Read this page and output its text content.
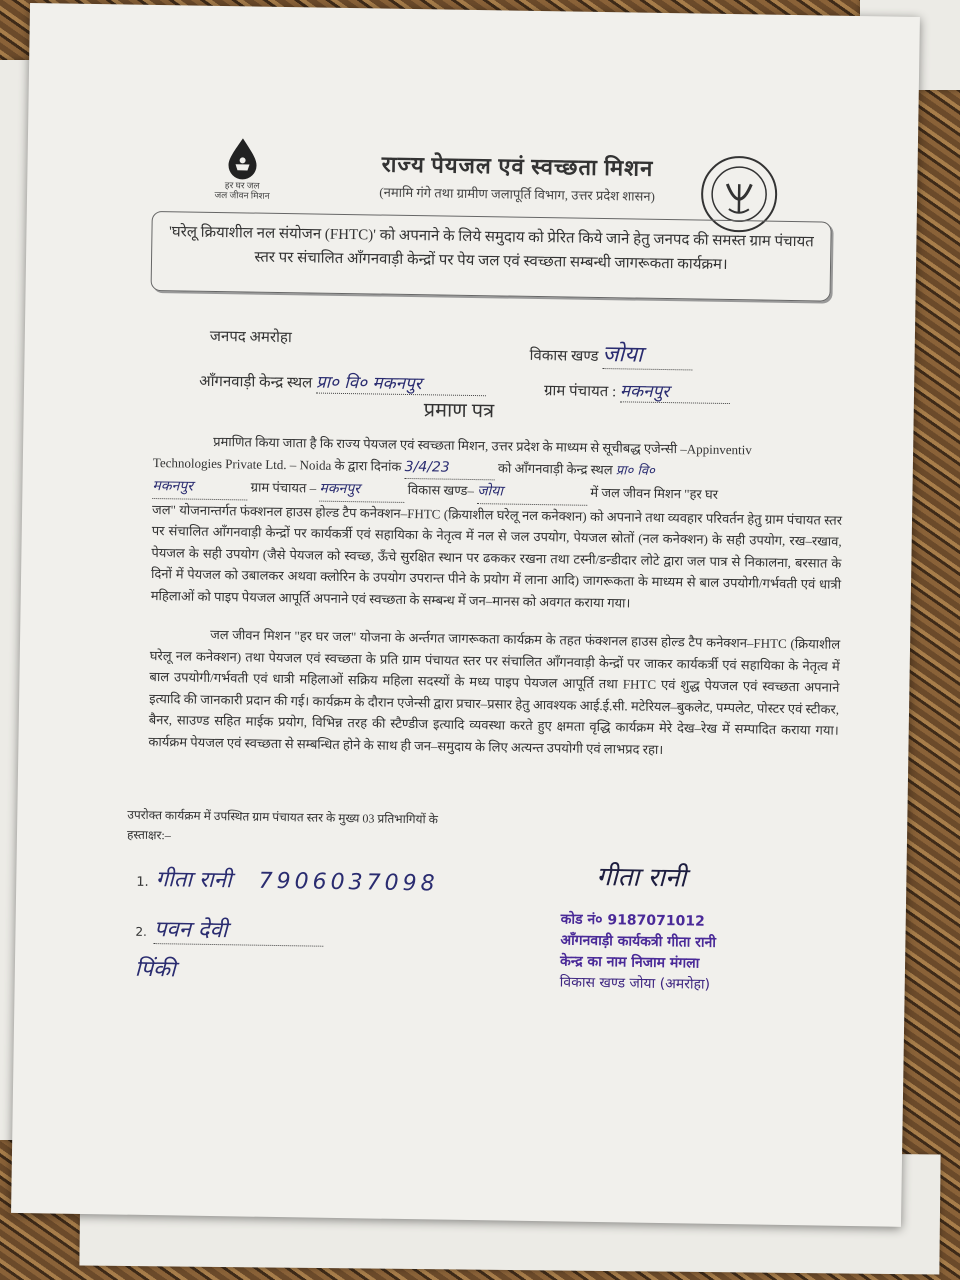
हर घर जल
जल जीवन मिशन
राज्य पेयजल एवं स्वच्छता मिशन
(नमामि गंगे तथा ग्रामीण जलापूर्ति विभाग, उत्तर प्रदेश शासन)
'घरेलू क्रियाशील नल संयोजन (FHTC)' को अपनाने के लिये समुदाय को प्रेरित किये जाने हेतु जनपद की समस्त ग्राम पंचायत स्तर पर संचालित आँगनवाड़ी केन्द्रों पर पेय जल एवं स्वच्छता सम्बन्धी जागरूकता कार्यक्रम।
जनपद अमरोहा
विकास खण्ड जोया
आँगनवाड़ी केन्द्र स्थल प्रा० वि० मकनपुर	ग्राम पंचायत : मकनपुर
प्रमाण पत्र
प्रमाणित किया जाता है कि राज्य पेयजल एवं स्वच्छता मिशन, उत्तर प्रदेश के माध्यम से सूचीबद्ध एजेन्सी –Appinventiv
Technologies Private Ltd. – Noida के द्वारा दिनांक 3/4/23	को आँगनवाड़ी केन्द्र स्थल प्रा० वि०
मकनपुर	ग्राम पंचायत – मकनपुर	विकास खण्ड– जोया	में जल जीवन मिशन "हर घर
जल" योजनान्तर्गत फंक्शनल हाउस होल्ड टैप कनेक्शन–FHTC (क्रियाशील घरेलू नल कनेक्शन) को अपनाने तथा व्यवहार परिवर्तन हेतु ग्राम पंचायत स्तर पर संचालित आँगनवाड़ी केन्द्रों पर कार्यकर्त्री एवं सहायिका के नेतृत्व में नल से जल उपयोग, पेयजल स्रोतों (नल कनेक्शन) के सही उपयोग, रख–रखाव, पेयजल के सही उपयोग (जैसे पेयजल को स्वच्छ, ऊँचे सुरक्षित स्थान पर ढककर रखना तथा टस्नी/डन्डीदार लोटे द्वारा जल पात्र से निकालना, बरसात के दिनों में पेयजल को उबालकर अथवा क्लोरिन के उपयोग उपरान्त पीने के प्रयोग में लाना आदि) जागरूकता के माध्यम से बाल उपयोगी/गर्भवती एवं धात्री महिलाओं को पाइप पेयजल आपूर्ति अपनाने एवं स्वच्छता के सम्बन्ध में जन–मानस को अवगत कराया गया।

जल जीवन मिशन "हर घर जल" योजना के अर्न्तगत जागरूकता कार्यक्रम के तहत फंक्शनल हाउस होल्ड टैप कनेक्शन–FHTC (क्रियाशील घरेलू नल कनेक्शन) तथा पेयजल एवं स्वच्छता के प्रति ग्राम पंचायत स्तर पर संचालित आँगनवाड़ी केन्द्रों पर जाकर कार्यकर्त्री एवं सहायिका के नेतृत्व में बाल उपयोगी/गर्भवती एवं धात्री महिलाओं सक्रिय महिला सदस्यों के मध्य पाइप पेयजल आपूर्ति तथा FHTC एवं शुद्ध पेयजल एवं स्वच्छता अपनाने इत्यादि की जानकारी प्रदान की गई। कार्यक्रम के दौरान एजेन्सी द्वारा प्रचार–प्रसार हेतु आवश्यक आई.ई.सी. मटेरियल–बुकलेट, पम्पलेट, पोस्टर एवं स्टीकर, बैनर, साउण्ड सहित माईक प्रयोग, विभिन्न तरह की स्टैण्डीज इत्यादि व्यवस्था करते हुए क्षमता वृद्धि कार्यक्रम मेरे देख–रेख में सम्पादित कराया गया। कार्यक्रम पेयजल एवं स्वच्छता से सम्बन्धित होने के साथ ही जन–समुदाय के लिए अत्यन्त उपयोगी एवं लाभप्रद रहा।

उपरोक्त कार्यक्रम में उपस्थित ग्राम पंचायत स्तर के मुख्य 03 प्रतिभागियों के
हस्ताक्षर:–
1. गीता रानी 7906037098
2. पवन देवी
पिंकी
गीता रानी
कोड नं० 9187071012
आँगनवाड़ी कार्यकत्री गीता रानी
केन्द्र का नाम निजाम मंगला
विकास खण्ड जोया (अमरोहा)
